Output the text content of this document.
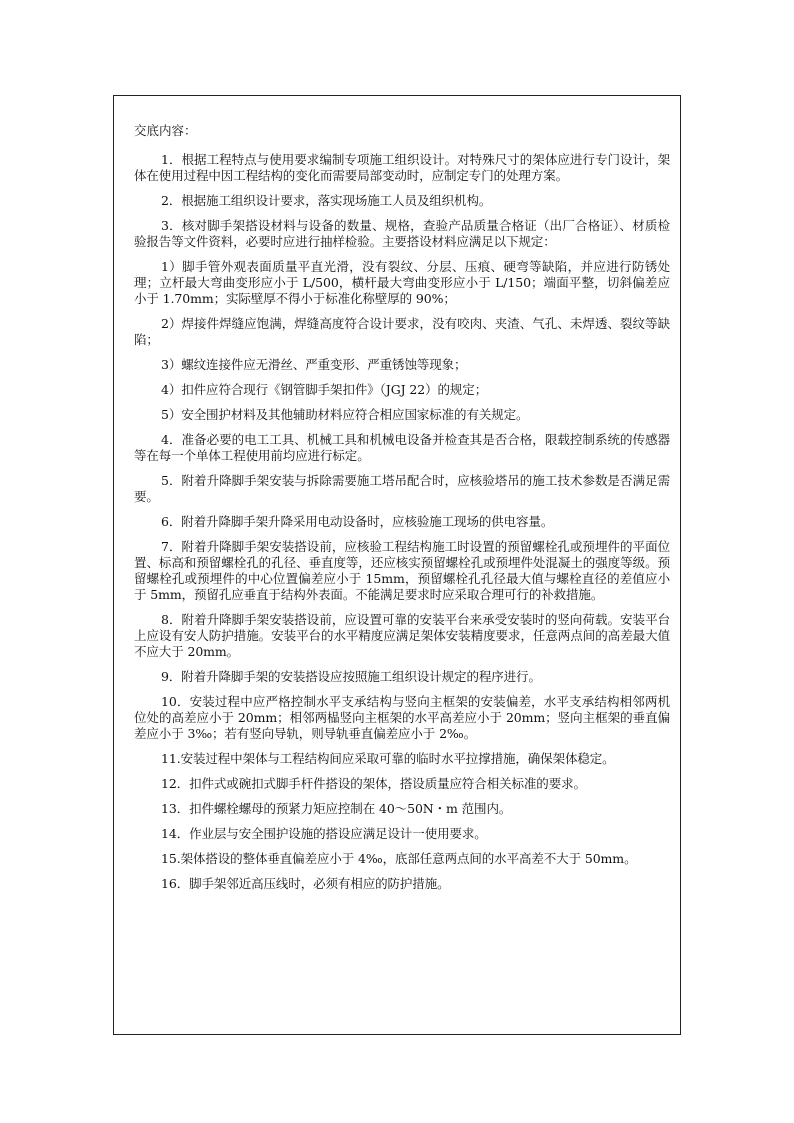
交底内容：

1．根据工程特点与使用要求编制专项施工组织设计。对特殊尺寸的架体应进行专门设计，架体在使用过程中因工程结构的变化而需要局部变动时，应制定专门的处理方案。

2．根据施工组织设计要求，落实现场施工人员及组织机构。

3．核对脚手架搭设材料与设备的数量、规格，查验产品质量合格证（出厂合格证）、材质检验报告等文件资料，必要时应进行抽样检验。主要搭设材料应满足以下规定：

1）脚手管外观表面质量平直光滑，没有裂纹、分层、压痕、硬弯等缺陷，并应进行防锈处理；立杆最大弯曲变形应小于 L/500，横杆最大弯曲变形应小于 L/150；端面平整，切斜偏差应小于 1.70mm；实际壁厚不得小于标准化称壁厚的 90%；

2）焊接件焊缝应饱满，焊缝高度符合设计要求，没有咬肉、夹渣、气孔、未焊透、裂纹等缺陷；

3）螺纹连接件应无滑丝、严重变形、严重锈蚀等现象；

4）扣件应符合现行《钢管脚手架扣件》（JGJ 22）的规定；

5）安全围护材料及其他辅助材料应符合相应国家标准的有关规定。

4．准备必要的电工工具、机械工具和机械电设备并检查其是否合格，限载控制系统的传感器等在每一个单体工程使用前均应进行标定。

5．附着升降脚手架安装与拆除需要施工塔吊配合时，应核验塔吊的施工技术参数是否满足需要。

6．附着升降脚手架升降采用电动设备时，应核验施工现场的供电容量。

7．附着升降脚手架安装搭设前，应核验工程结构施工时设置的预留螺栓孔或预埋件的平面位置、标高和预留螺栓孔的孔径、垂直度等，还应核实预留螺栓孔或预埋件处混凝土的强度等级。预留螺栓孔或预埋件的中心位置偏差应小于 15mm，预留螺栓孔孔径最大值与螺栓直径的差值应小于 5mm，预留孔应垂直于结构外表面。不能满足要求时应采取合理可行的补救措施。

8．附着升降脚手架安装搭设前，应设置可靠的安装平台来承受安装时的竖向荷载。安装平台上应设有安人防护措施。安装平台的水平精度应满足架体安装精度要求，任意两点间的高差最大值不应大于 20mm。

9．附着升降脚手架的安装搭设应按照施工组织设计规定的程序进行。

10．安装过程中应严格控制水平支承结构与竖向主框架的安装偏差，水平支承结构相邻两机位处的高差应小于 20mm；相邻两榀竖向主框架的水平高差应小于 20mm；竖向主框架的垂直偏差应小于 3‰；若有竖向导轨，则导轨垂直偏差应小于 2‰。

11.安装过程中架体与工程结构间应采取可靠的临时水平拉撑措施，确保架体稳定。

12．扣件式或碗扣式脚手杆件搭设的架体，搭设质量应符合相关标准的要求。

13．扣件螺栓螺母的预紧力矩应控制在 40～50N・m 范围内。

14．作业层与安全围护设施的搭设应满足设计一使用要求。

15.架体搭设的整体垂直偏差应小于 4‰，底部任意两点间的水平高差不大于 50mm。

16．脚手架邻近高压线时，必须有相应的防护措施。
